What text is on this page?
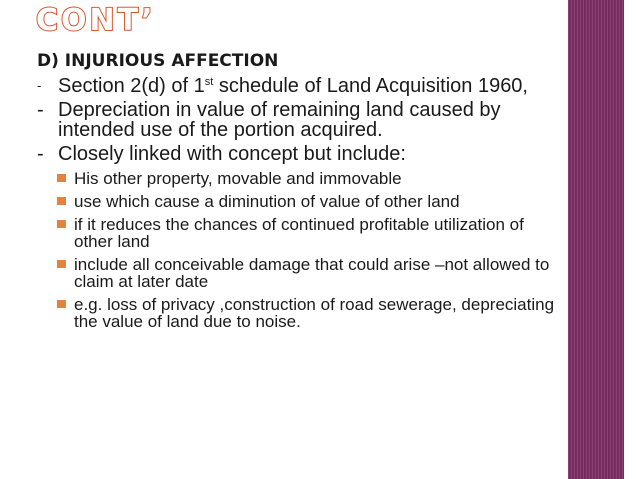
CONT’
D) INJURIOUS AFFECTION
- Section 2(d) of 1st schedule of Land Acquisition 1960,
- Depreciation in value of remaining land caused by intended use of the portion acquired.
- Closely linked with concept but include:
His other property, movable and immovable
use which cause a diminution of value of other land
if it reduces the chances of continued profitable utilization of other land
include all conceivable damage that could arise –not allowed to claim at later date
e.g. loss of privacy ,construction of road sewerage, depreciating the value of land due to noise.
